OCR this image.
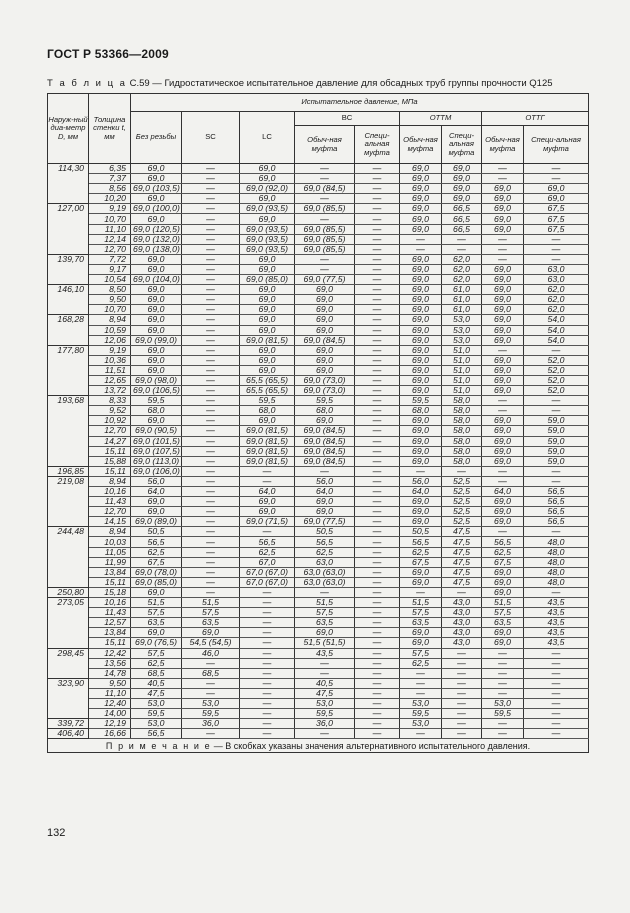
ГОСТ Р 53366—2009
Т а б л и ц а С.59 — Гидростатическое испытательное давление для обсадных труб группы прочности Q125
Наруж-ный диа-метр D, мм	Толщина стенки t, мм	Испытательное давление, МПа								
		Без резьбы	SC	LC	BC		ОТТМ		ОТТГ	
					Обыч-ная муфта	Специ-альная муфта	Обыч-ная муфта	Специ-альная муфта	Обыч-ная муфта	Специ-альная муфта
114,30	6,35	69,0	—	69,0	—	—	69,0	69,0	—	—
	7,37	69,0	—	69,0	—	—	69,0	69,0	—	—
	8,56	69,0 (103,5)	—	69,0 (92,0)	69,0 (84,5)	—	69,0	69,0	69,0	69,0
	10,20	69,0	—	69,0	—	—	69,0	69,0	69,0	69,0
127,00	9,19	69,0 (100,0)	—	69,0 (93,5)	69,0 (85,5)	—	69,0	66,5	69,0	67,5
	10,70	69,0	—	69,0	—	—	69,0	66,5	69,0	67,5
	11,10	69,0 (120,5)	—	69,0 (93,5)	69,0 (85,5)	—	69,0	66,5	69,0	67,5
	12,14	69,0 (132,0)	—	69,0 (93,5)	69,0 (85,5)	—	—	—	—	—
	12,70	69,0 (138,0)	—	69,0 (93,5)	69,0 (85,5)	—	—	—	—	—
139,70	7,72	69,0	—	69,0	—	—	69,0	62,0	—	—
	9,17	69,0	—	69,0	—	—	69,0	62,0	69,0	63,0
	10,54	69,0 (104,0)	—	69,0 (85,0)	69,0 (77,5)	—	69,0	62,0	69,0	63,0
146,10	8,50	69,0	—	69,0	69,0	—	69,0	61,0	69,0	62,0
	9,50	69,0	—	69,0	69,0	—	69,0	61,0	69,0	62,0
	10,70	69,0	—	69,0	69,0	—	69,0	61,0	69,0	62,0
168,28	8,94	69,0	—	69,0	69,0	—	69,0	53,0	69,0	54,0
	10,59	69,0	—	69,0	69,0	—	69,0	53,0	69,0	54,0
	12,06	69,0 (99,0)	—	69,0 (81,5)	69,0 (84,5)	—	69,0	53,0	69,0	54,0
177,80	9,19	69,0	—	69,0	69,0	—	69,0	51,0	—	—
	10,36	69,0	—	69,0	69,0	—	69,0	51,0	69,0	52,0
	11,51	69,0	—	69,0	69,0	—	69,0	51,0	69,0	52,0
	12,65	69,0 (98,0)	—	65,5 (65,5)	69,0 (73,0)	—	69,0	51,0	69,0	52,0
	13,72	69,0 (106,5)	—	65,5 (65,5)	69,0 (73,0)	—	69,0	51,0	69,0	52,0
193,68	8,33	59,5	—	59,5	59,5	—	59,5	58,0	—	—
	9,52	68,0	—	68,0	68,0	—	68,0	58,0	—	—
	10,92	69,0	—	69,0	69,0	—	69,0	58,0	69,0	59,0
	12,70	69,0 (90,5)	—	69,0 (81,5)	69,0 (84,5)	—	69,0	58,0	69,0	59,0
	14,27	69,0 (101,5)	—	69,0 (81,5)	69,0 (84,5)	—	69,0	58,0	69,0	59,0
	15,11	69,0 (107,5)	—	69,0 (81,5)	69,0 (84,5)	—	69,0	58,0	69,0	59,0
	15,88	69,0 (113,0)	—	69,0 (81,5)	69,0 (84,5)	—	69,0	58,0	69,0	59,0
196,85	15,11	69,0 (106,0)	—	—	—	—	—	—	—	—
219,08	8,94	56,0	—	—	56,0	—	56,0	52,5	—	—
	10,16	64,0	—	64,0	64,0	—	64,0	52,5	64,0	56,5
	11,43	69,0	—	69,0	69,0	—	69,0	52,5	69,0	56,5
	12,70	69,0	—	69,0	69,0	—	69,0	52,5	69,0	56,5
	14,15	69,0 (89,0)	—	69,0 (71,5)	69,0 (77,5)	—	69,0	52,5	69,0	56,5
244,48	8,94	50,5	—	—	50,5	—	50,5	47,5	—	—
	10,03	56,5	—	56,5	56,5	—	56,5	47,5	56,5	48,0
	11,05	62,5	—	62,5	62,5	—	62,5	47,5	62,5	48,0
	11,99	67,5	—	67,0	63,0	—	67,5	47,5	67,5	48,0
	13,84	69,0 (78,0)	—	67,0 (67,0)	63,0 (63,0)	—	69,0	47,5	69,0	48,0
	15,11	69,0 (85,0)	—	67,0 (67,0)	63,0 (63,0)	—	69,0	47,5	69,0	48,0
250,80	15,18	69,0	—	—	—	—	—	—	69,0	—
273,05	10,16	51,5	51,5	—	51,5	—	51,5	43,0	51,5	43,5
	11,43	57,5	57,5	—	57,5	—	57,5	43,0	57,5	43,5
	12,57	63,5	63,5	—	63,5	—	63,5	43,0	63,5	43,5
	13,84	69,0	69,0	—	69,0	—	69,0	43,0	69,0	43,5
	15,11	69,0 (76,5)	54,5 (54,5)	—	51,5 (51,5)	—	69,0	43,0	69,0	43,5
298,45	12,42	57,5	46,0	—	43,5	—	57,5	—	—	—
	13,56	62,5	—	—	—	—	62,5	—	—	—
	14,78	68,5	68,5	—	—	—	—	—	—	—
323,90	9,50	40,5	—	—	40,5	—	—	—	—	—
	11,10	47,5	—	—	47,5	—	—	—	—	—
	12,40	53,0	53,0	—	53,0	—	53,0	—	53,0	—
	14,00	59,5	59,5	—	59,5	—	59,5	—	59,5	—
339,72	12,19	53,0	36,0	—	36,0	—	53,0	—	—	—
406,40	16,66	56,5	—	—	—	—	—	—	—	—
П р и м е ч а н и е — В скобках указаны значения альтернативного испытательного давления.										
132
